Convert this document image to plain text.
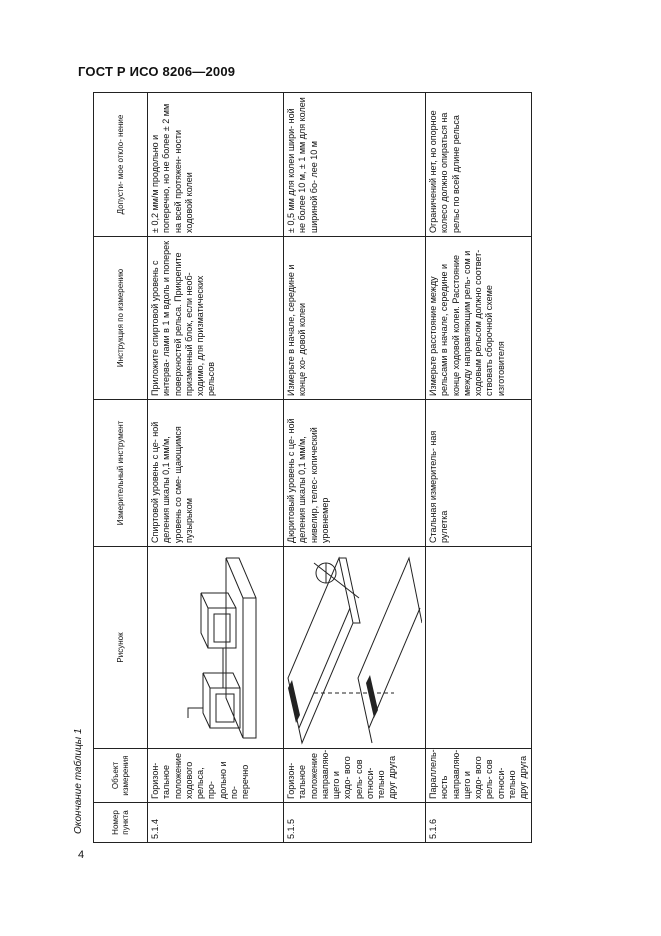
ГОСТ Р ИСО 8206—2009
Окончание таблицы 1
4
Номер пункта	Объект измерения	Рисунок	Измерительный инструмент	Инструкция по измерению	Допусти- мое откло- нение
5.1.4	Горизон- тальное положение ходового рельса, про- дольно и по- перечно		Спиртовой уровень с це- ной деления шкалы 0,1 мм/м, уровень со сме- щающимся пузырьком	Приложите спиртовой уровень с интерва- лами в 1 м вдоль и поперек поверхностей рельса. Прикрепите призменный блок, если необ- ходимо, для призматических рельсов	± 0,2 мм/м продольно и поперечно, но не более ± 2 мм на всей протяжен- ности ходовой колеи
5.1.5	Горизон- тальное положение направляю- щего и ходо- вого рель- сов относи- тельно друг друга		Дюритовый уровень с це- ной деления шкалы 0,1 мм/м, нивелир, телес- копический уровнемер	Измерьте в начале, середине и конце хо- довой колеи	± 0,5 мм для колеи шири- ной не более 10 м, ± 1 мм для колеи шириной бо- лее 10 м
5.1.6	Параллель- ность направляю- щего и ходо- вого рель- сов относи- тельно друг друга		Стальная измеритель- ная рулетка	Измерьте расстояние между рельсами в начале, середине и конце ходовой колеи. Расстояние между направляющим рель- сом и ходовым рельсом должно соответ- ствовать сборочной схеме изготовителя	Ограничений нет, но опорное колесо должно опираться на рельс по всей длине рельса
